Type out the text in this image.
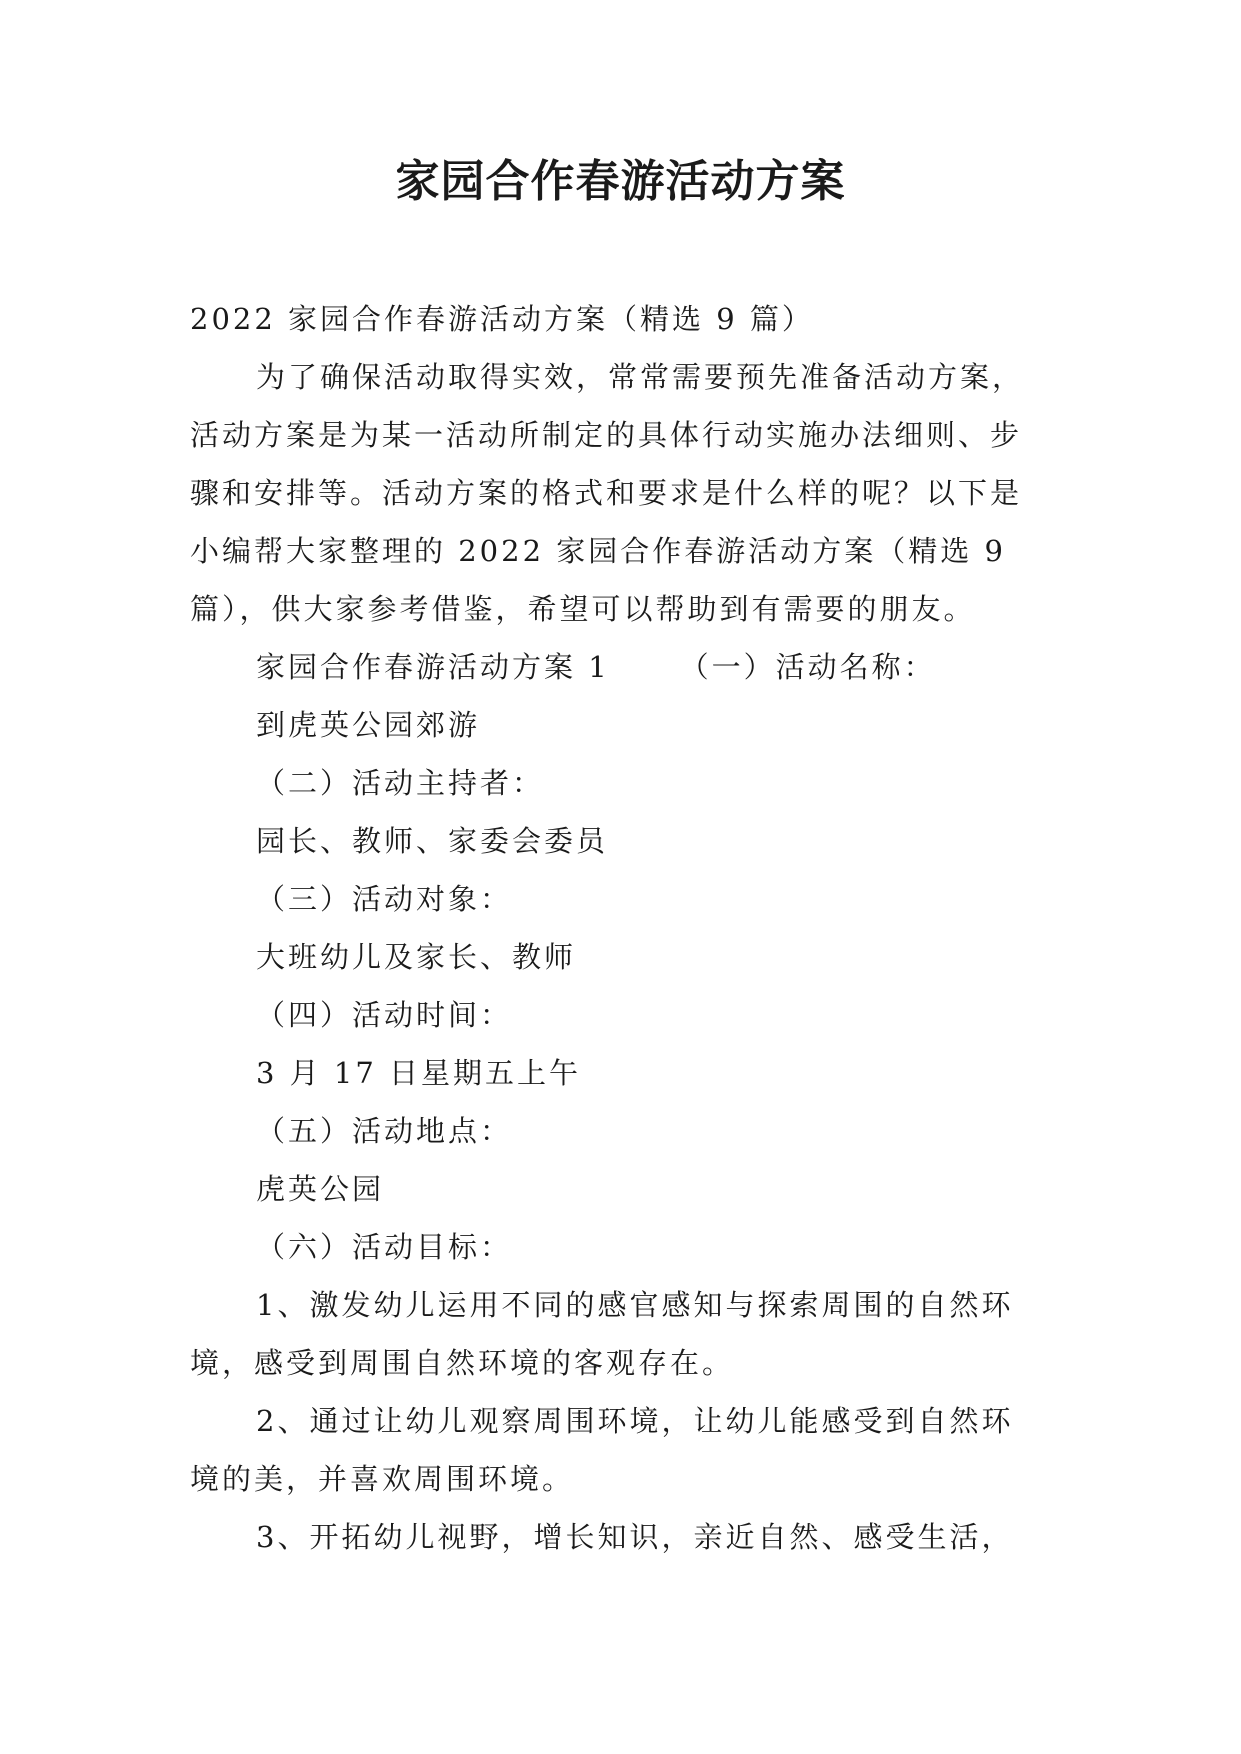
家园合作春游活动方案
2022 家园合作春游活动方案（精选 9 篇）
为了确保活动取得实效，常常需要预先准备活动方案，
活动方案是为某一活动所制定的具体行动实施办法细则、步
骤和安排等。活动方案的格式和要求是什么样的呢？以下是
小编帮大家整理的 2022 家园合作春游活动方案（精选 9
篇），供大家参考借鉴，希望可以帮助到有需要的朋友。
家园合作春游活动方案 1 （一）活动名称：
到虎英公园郊游
（二）活动主持者：
园长、教师、家委会委员
（三）活动对象：
大班幼儿及家长、教师
（四）活动时间：
3 月 17 日星期五上午
（五）活动地点：
虎英公园
（六）活动目标：
1、激发幼儿运用不同的感官感知与探索周围的自然环
境，感受到周围自然环境的客观存在。
2、通过让幼儿观察周围环境，让幼儿能感受到自然环
境的美，并喜欢周围环境。
3、开拓幼儿视野，增长知识，亲近自然、感受生活，
